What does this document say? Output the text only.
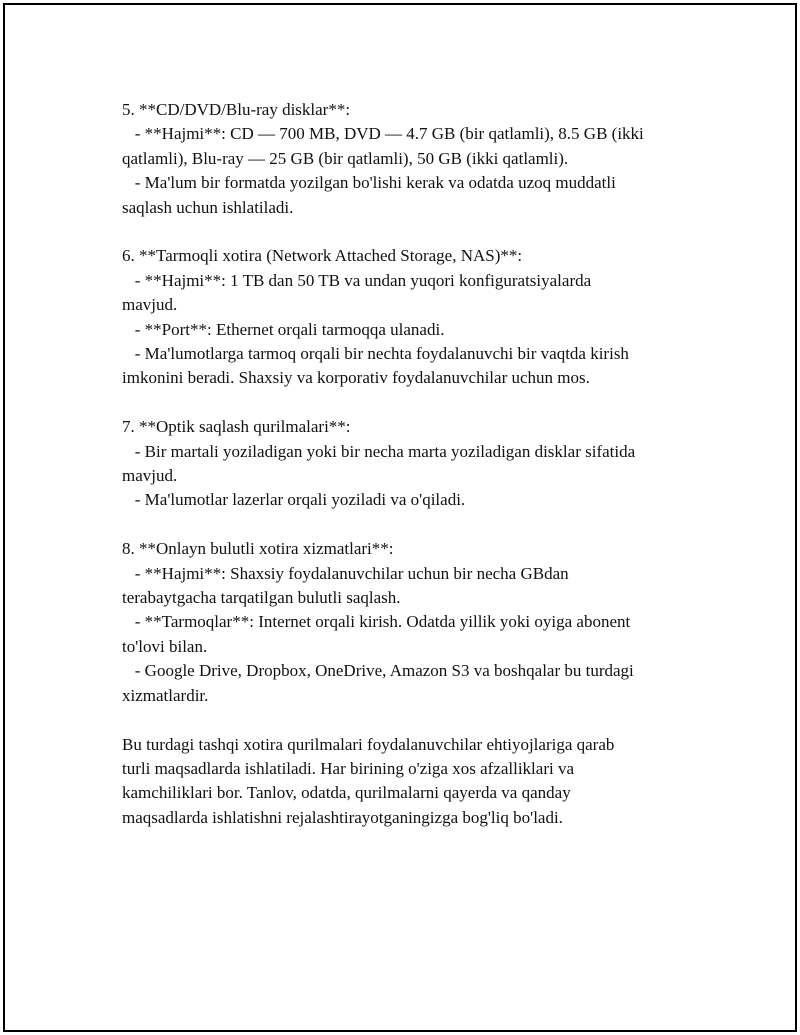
5. **CD/DVD/Blu-ray disklar**:
- **Hajmi**: CD — 700 MB, DVD — 4.7 GB (bir qatlamli), 8.5 GB (ikki
qatlamli), Blu-ray — 25 GB (bir qatlamli), 50 GB (ikki qatlamli).
- Ma'lum bir formatda yozilgan bo'lishi kerak va odatda uzoq muddatli
saqlash uchun ishlatiladi.
6. **Tarmoqli xotira (Network Attached Storage, NAS)**:
- **Hajmi**: 1 TB dan 50 TB va undan yuqori konfiguratsiyalarda
mavjud.
- **Port**: Ethernet orqali tarmoqqa ulanadi.
- Ma'lumotlarga tarmoq orqali bir nechta foydalanuvchi bir vaqtda kirish
imkonini beradi. Shaxsiy va korporativ foydalanuvchilar uchun mos.
7. **Optik saqlash qurilmalari**:
- Bir martali yoziladigan yoki bir necha marta yoziladigan disklar sifatida
mavjud.
- Ma'lumotlar lazerlar orqali yoziladi va o'qiladi.
8. **Onlayn bulutli xotira xizmatlari**:
- **Hajmi**: Shaxsiy foydalanuvchilar uchun bir necha GBdan
terabaytgacha tarqatilgan bulutli saqlash.
- **Tarmoqlar**: Internet orqali kirish. Odatda yillik yoki oyiga abonent
to'lovi bilan.
- Google Drive, Dropbox, OneDrive, Amazon S3 va boshqalar bu turdagi
xizmatlardir.
Bu turdagi tashqi xotira qurilmalari foydalanuvchilar ehtiyojlariga qarab
turli maqsadlarda ishlatiladi. Har birining o'ziga xos afzalliklari va
kamchiliklari bor. Tanlov, odatda, qurilmalarni qayerda va qanday
maqsadlarda ishlatishni rejalashtirayotganingizga bog'liq bo'ladi.
